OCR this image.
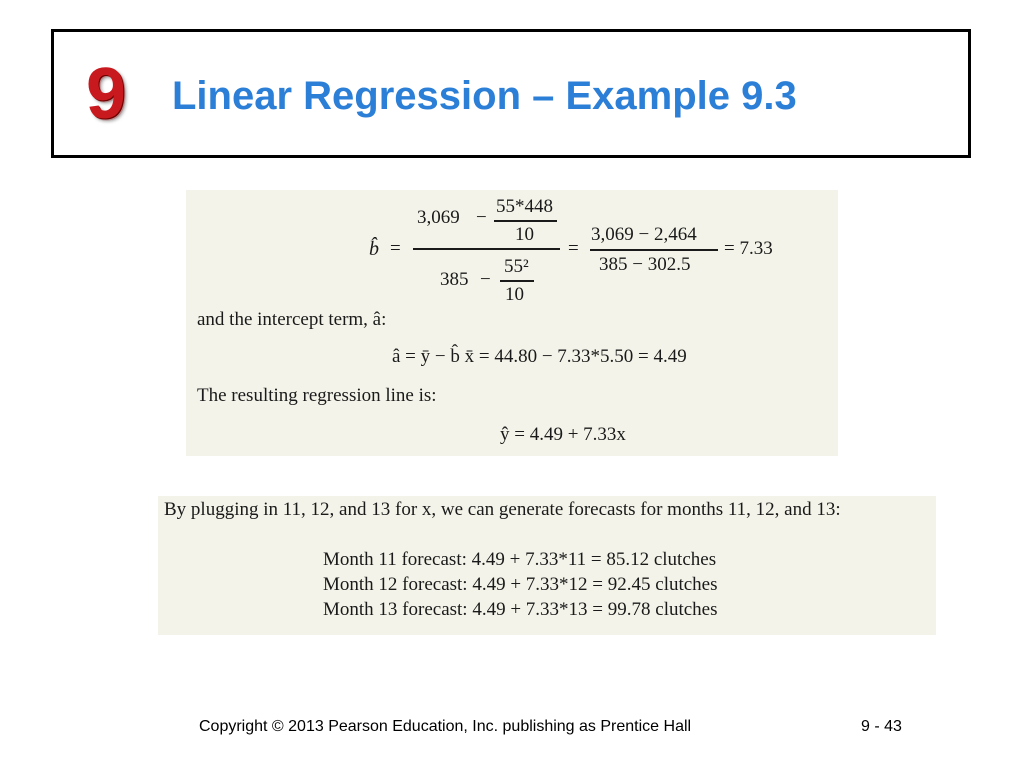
9 Linear Regression – Example 9.3
b̂ =
3,069 −
55*448
10
385 −
55²
10
=
3,069 − 2,464
385 − 302.5
= 7.33
and the intercept term, â:
â = ȳ − b̂ x̄ = 44.80 − 7.33*5.50 = 4.49
The resulting regression line is:
ŷ = 4.49 + 7.33x
By plugging in 11, 12, and 13 for x, we can generate forecasts for months 11, 12, and 13:
Month 11 forecast: 4.49 + 7.33*11 = 85.12 clutches
Month 12 forecast: 4.49 + 7.33*12 = 92.45 clutches
Month 13 forecast: 4.49 + 7.33*13 = 99.78 clutches
Copyright © 2013 Pearson Education, Inc. publishing as Prentice Hall	9 - 43
